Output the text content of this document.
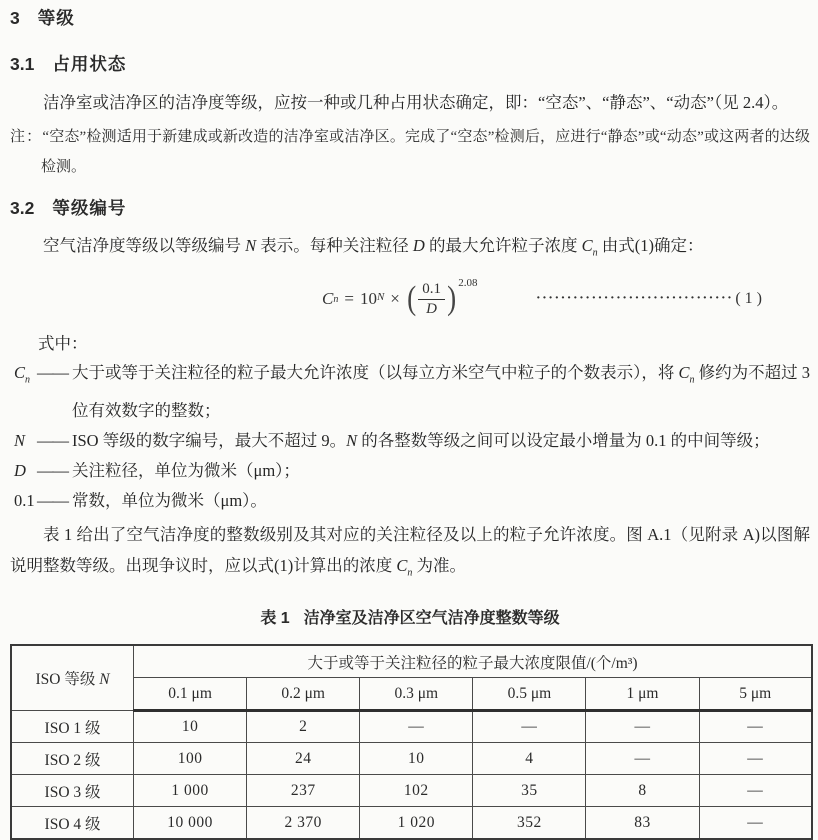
3 等级
3.1 占用状态

洁净室或洁净区的洁净度等级，应按一种或几种占用状态确定，即：“空态”、“静态”、“动态”（见 2.4）。

注：“空态”检测适用于新建成或新改造的洁净室或洁净区。完成了“空态”检测后，应进行“静态”或“动态”或这两者的达级检测。

3.2 等级编号

空气洁净度等级以等级编号 N 表示。每种关注粒径 D 的最大允许粒子浓度 $C_n$ 由式(1)确定：

C $n = 10^N$ × ( $\frac{0.1}{D}$ ) 2.08
································ ( 1 )
式中：
$C_n$ —— 大于或等于关注粒径的粒子最大允许浓度（以每立方米空气中粒子的个数表示），将 $C_n$ 修约为不超过 3 位有效数字的整数；
N —— ISO 等级的数字编号，最大不超过 9。N 的各整数等级之间可以设定最小增量为 0.1 的中间等级；
D —— 关注粒径，单位为微米（μm）；
0.1 —— 常数，单位为微米（μm）。

表 1 给出了空气洁净度的整数级别及其对应的关注粒径及以上的粒子允许浓度。图 A.1（见附录 A)以图解说明整数等级。出现争议时，应以式(1)计算出的浓度 $C_n$ 为准。

表 1 洁净室及洁净区空气洁净度整数等级
ISO 等级 N	大于或等于关注粒径的粒子最大浓度限值/(个/m³)					
	0.1 μm	0.2 μm	0.3 μm	0.5 μm	1 μm	5 μm
ISO 1 级	10	2	—	—	—	—
ISO 2 级	100	24	10	4	—	—
ISO 3 级	1 000	237	102	35	8	—
ISO 4 级	10 000	2 370	1 020	352	83	—
